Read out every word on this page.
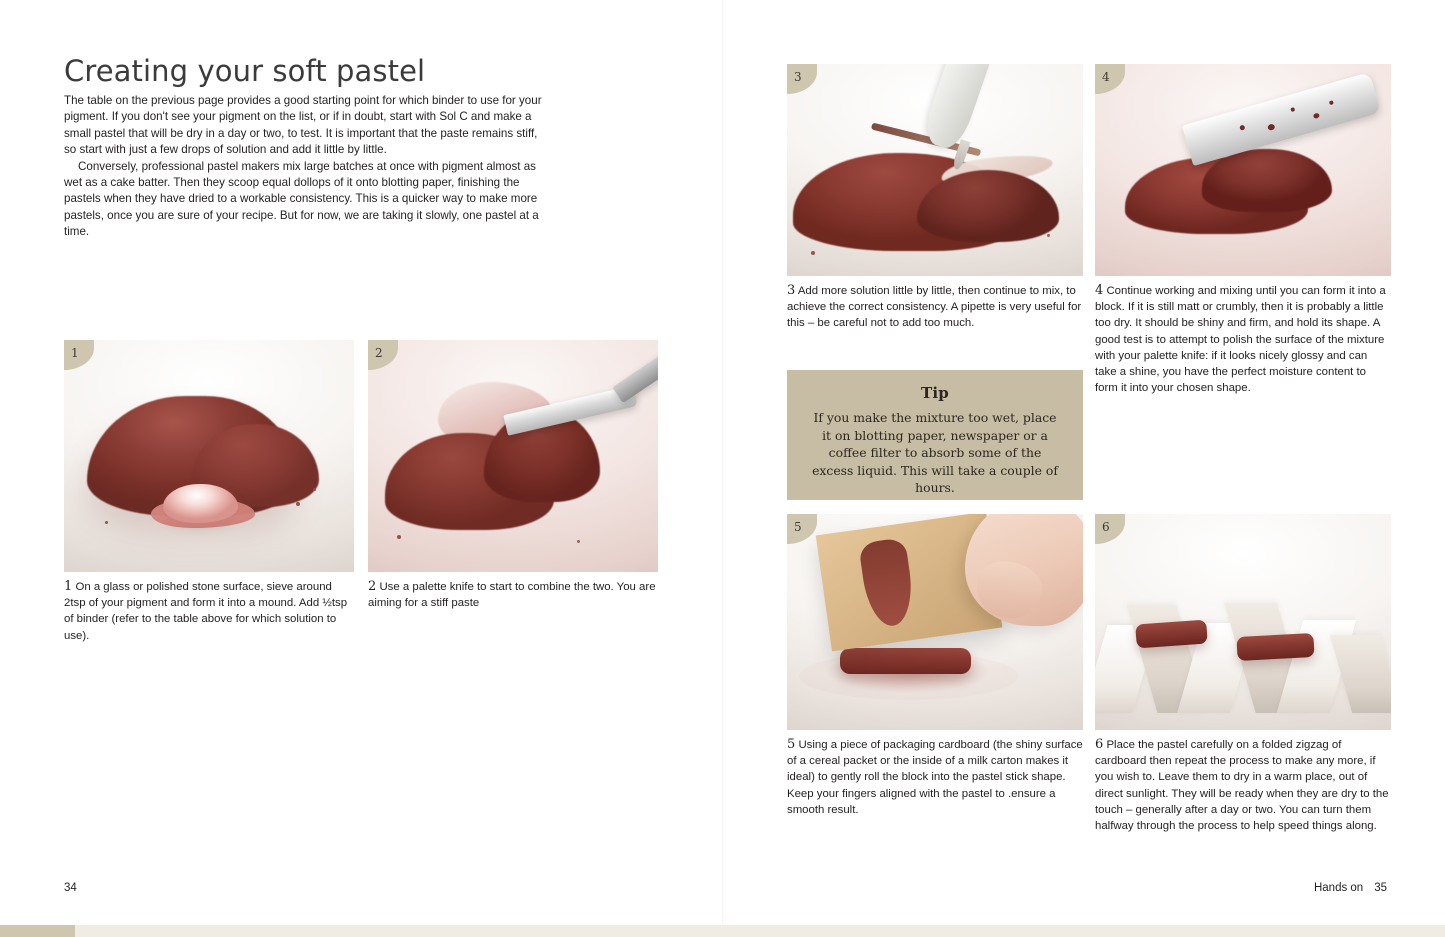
Creating your soft pastel

The table on the previous page provides a good starting point for which binder to use for your pigment. If you don't see your pigment on the list, or if in doubt, start with Sol C and make a small pastel that will be dry in a day or two, to test. It is important that the paste remains stiff, so start with just a few drops of solution and add it little by little.

Conversely, professional pastel makers mix large batches at once with pigment almost as wet as a cake batter. Then they scoop equal dollops of it onto blotting paper, finishing the pastels when they have dried to a workable consistency. This is a quicker way to make more pastels, once you are sure of your recipe. But for now, we are taking it slowly, one pastel at a time.

1
1 On a glass or polished stone surface, sieve around 2tsp of your pigment and form it into a mound. Add ½tsp of binder (refer to the table above for which solution to use).
2
2 Use a palette knife to start to combine the two. You are aiming for a stiff paste
34
3
3 Add more solution little by little, then continue to mix, to achieve the correct consistency. A pipette is very useful for this – be careful not to add too much.
4
4 Continue working and mixing until you can form it into a block. If it is still matt or crumbly, then it is probably a little too dry. It should be shiny and firm, and hold its shape. A good test is to attempt to polish the surface of the mixture with your palette knife: if it looks nicely glossy and can take a shine, you have the perfect moisture content to form it into your chosen shape.
Tip
If you make the mixture too wet, place it on blotting paper, newspaper or a coffee filter to absorb some of the excess liquid. This will take a couple of hours.
5
5 Using a piece of packaging cardboard (the shiny surface of a cereal packet or the inside of a milk carton makes it ideal) to gently roll the block into the pastel stick shape. Keep your fingers aligned with the pastel to .ensure a smooth result.
6
6 Place the pastel carefully on a folded zigzag of cardboard then repeat the process to make any more, if you wish to. Leave them to dry in a warm place, out of direct sunlight. They will be ready when they are dry to the touch – generally after a day or two. You can turn them halfway through the process to help speed things along.
Hands on 35
